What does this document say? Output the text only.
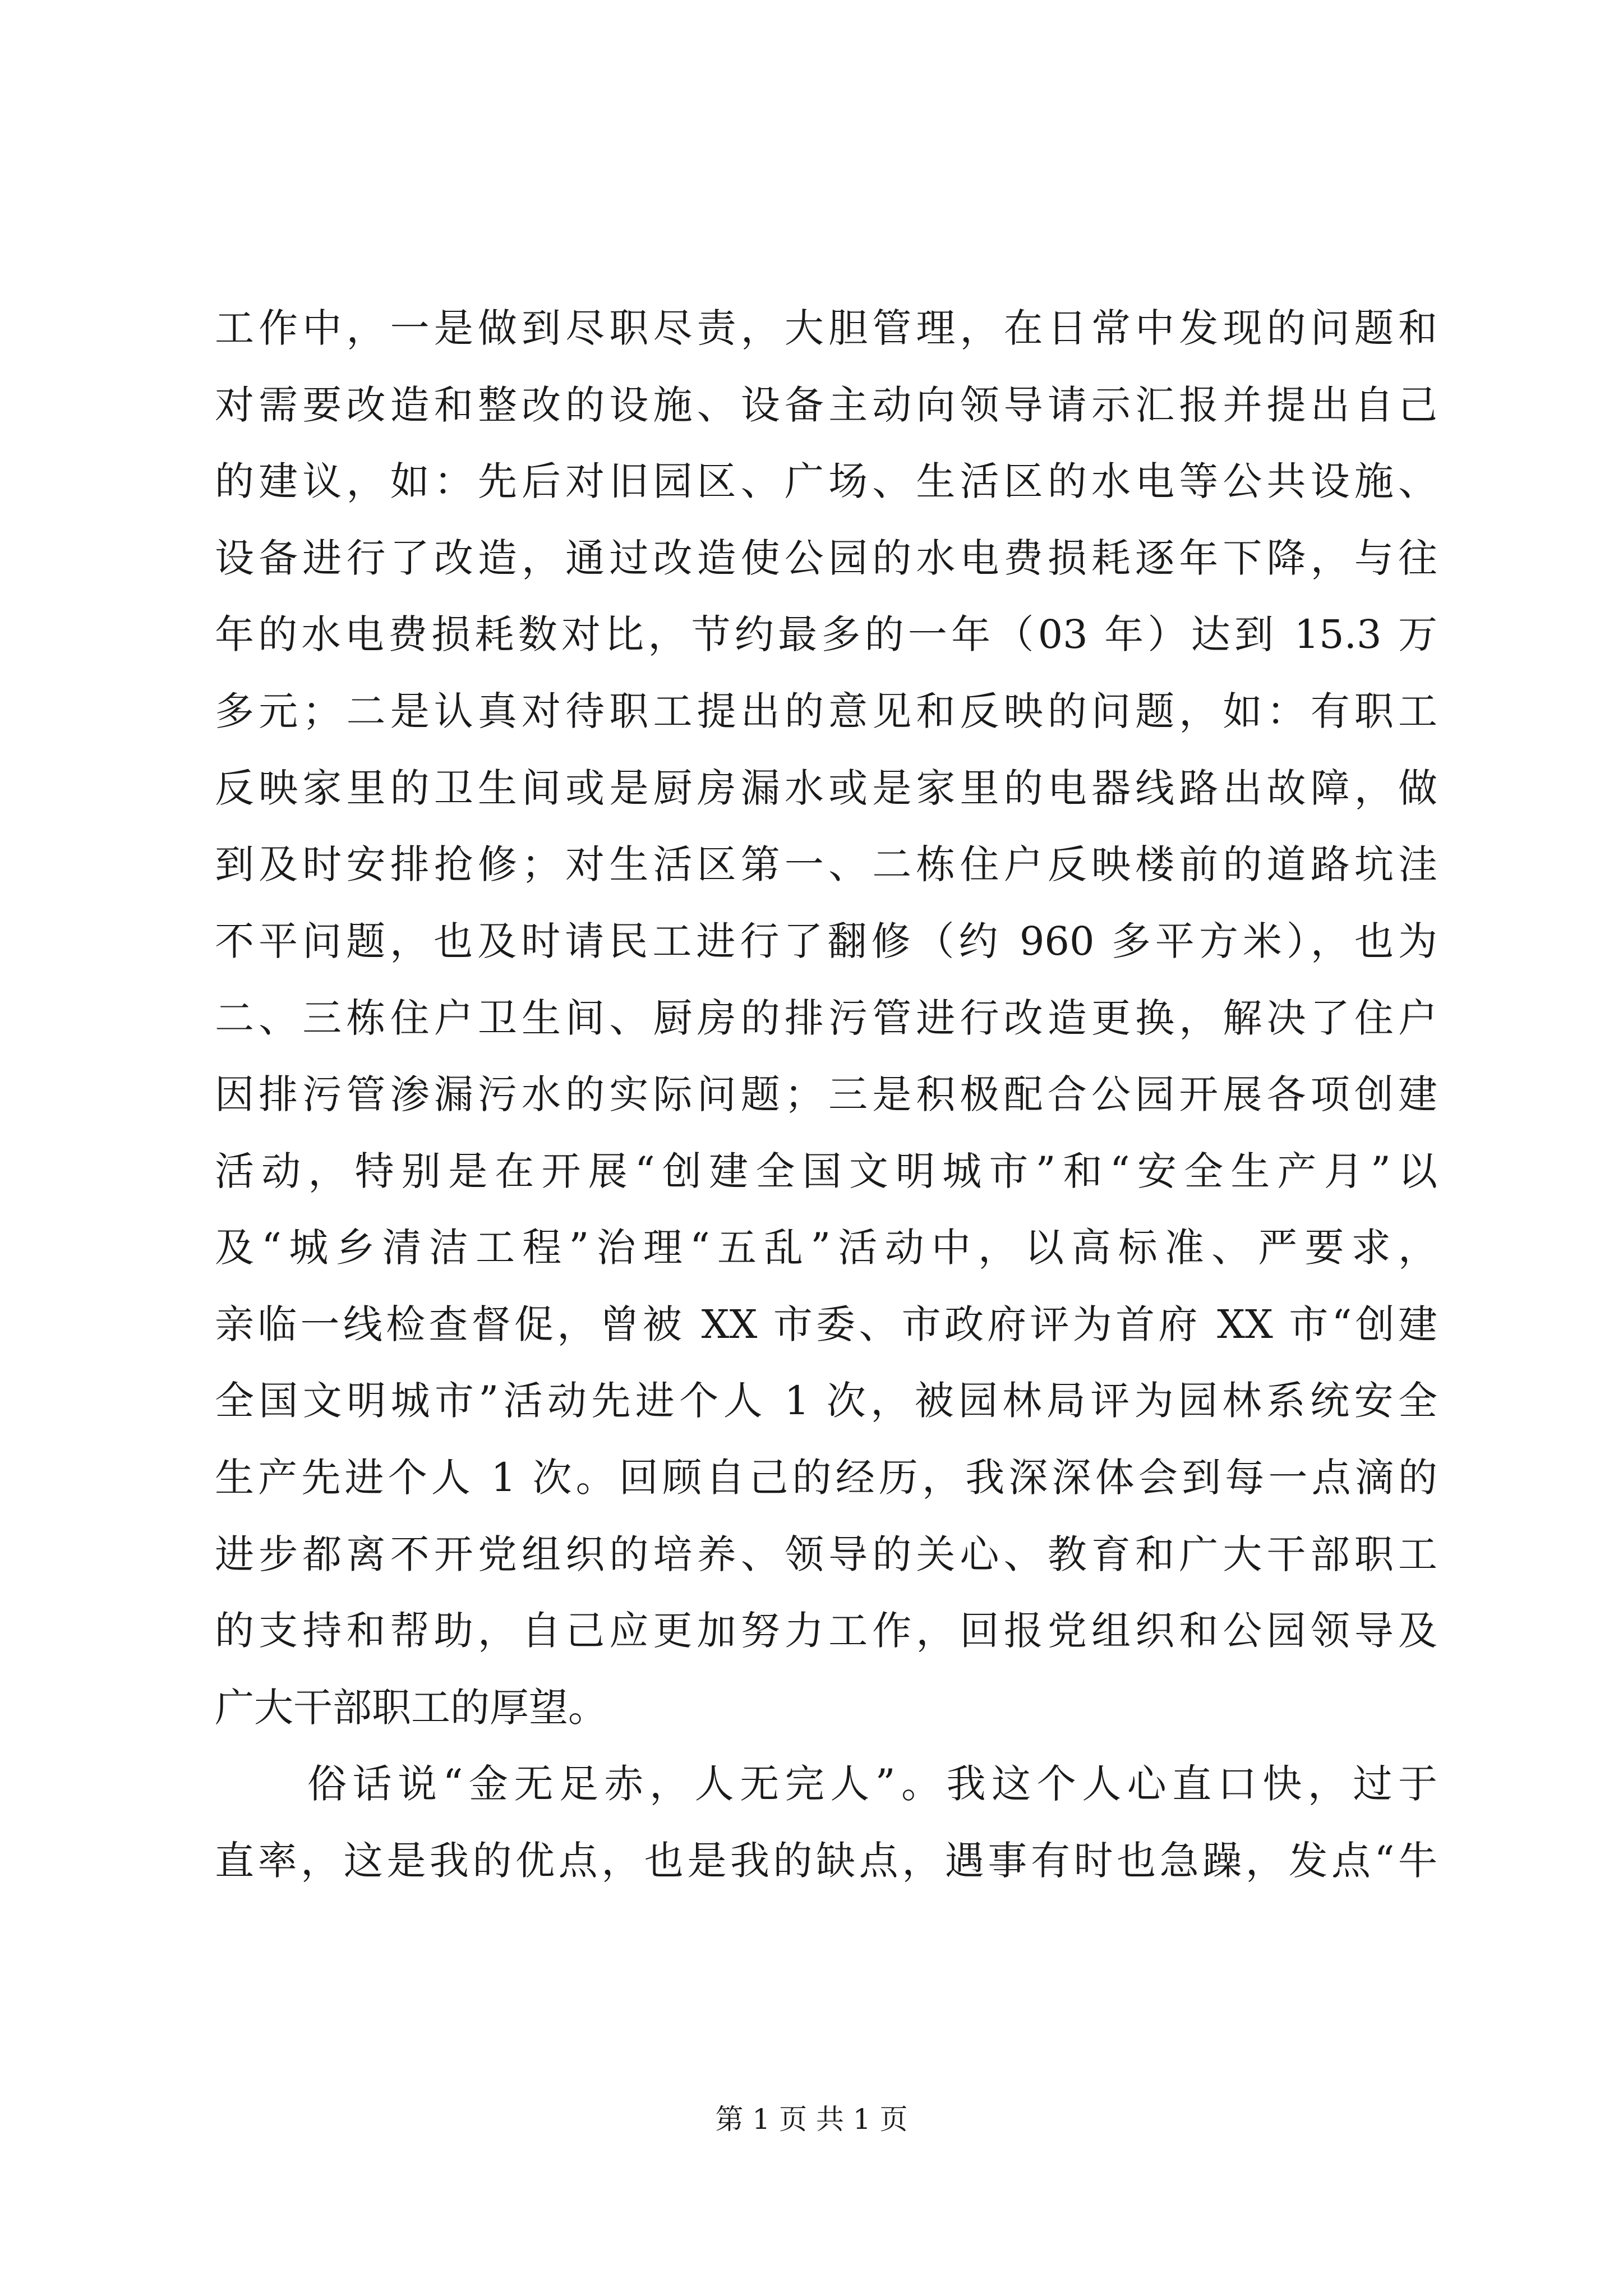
工作中，一是做到尽职尽责，大胆管理，在日常中发现的问题和
对需要改造和整改的设施、设备主动向领导请示汇报并提出自己
的建议，如：先后对旧园区、广场、生活区的水电等公共设施、
设备进行了改造，通过改造使公园的水电费损耗逐年下降，与往
年的水电费损耗数对比，节约最多的一年（03 年）达到 15.3 万
多元；二是认真对待职工提出的意见和反映的问题，如：有职工
反映家里的卫生间或是厨房漏水或是家里的电器线路出故障，做
到及时安排抢修；对生活区第一、二栋住户反映楼前的道路坑洼
不平问题，也及时请民工进行了翻修（约 960 多平方米），也为
二、三栋住户卫生间、厨房的排污管进行改造更换，解决了住户
因排污管渗漏污水的实际问题；三是积极配合公园开展各项创建
活动，特别是在开展“创建全国文明城市”和“安全生产月”以
及“城乡清洁工程”治理“五乱”活动中，以高标准、严要求，
亲临一线检查督促，曾被 XX 市委、市政府评为首府 XX 市“创建
全国文明城市”活动先进个人 1 次，被园林局评为园林系统安全
生产先进个人 1 次。回顾自己的经历，我深深体会到每一点滴的
进步都离不开党组织的培养、领导的关心、教育和广大干部职工
的支持和帮助，自己应更加努力工作，回报党组织和公园领导及
广大干部职工的厚望。
俗话说“金无足赤，人无完人”。我这个人心直口快，过于
直率，这是我的优点，也是我的缺点，遇事有时也急躁，发点“牛
第 1 页 共 1 页
